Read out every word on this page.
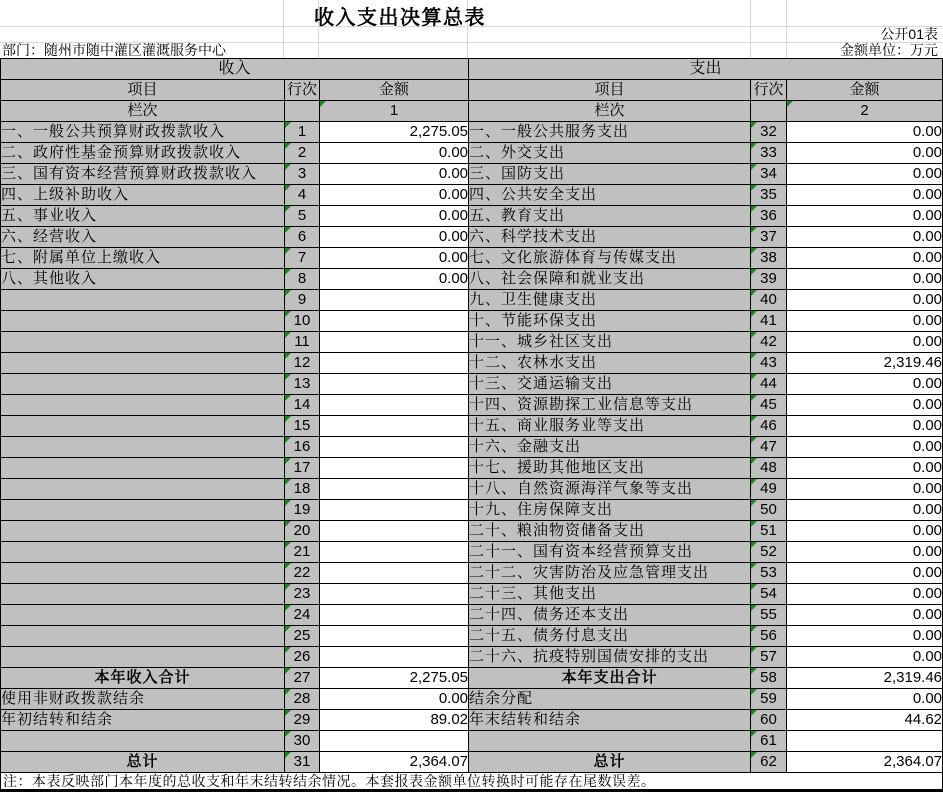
收入支出决算总表
公开01表
部门：随州市随中灌区灌溉服务中心	金额单位：万元
收入			支出		
项目	行次	金额	项目	行次	金额
栏次		1	栏次		2
一、一般公共预算财政拨款收入	1	2,275.05	一、一般公共服务支出	32	0.00
二、政府性基金预算财政拨款收入	2	0.00	二、外交支出	33	0.00
三、国有资本经营预算财政拨款收入	3	0.00	三、国防支出	34	0.00
四、上级补助收入	4	0.00	四、公共安全支出	35	0.00
五、事业收入	5	0.00	五、教育支出	36	0.00
六、经营收入	6	0.00	六、科学技术支出	37	0.00
七、附属单位上缴收入	7	0.00	七、文化旅游体育与传媒支出	38	0.00
八、其他收入	8	0.00	八、社会保障和就业支出	39	0.00
	9		九、卫生健康支出	40	0.00
	10		十、节能环保支出	41	0.00
	11		十一、城乡社区支出	42	0.00
	12		十二、农林水支出	43	2,319.46
	13		十三、交通运输支出	44	0.00
	14		十四、资源勘探工业信息等支出	45	0.00
	15		十五、商业服务业等支出	46	0.00
	16		十六、金融支出	47	0.00
	17		十七、援助其他地区支出	48	0.00
	18		十八、自然资源海洋气象等支出	49	0.00
	19		十九、住房保障支出	50	0.00
	20		二十、粮油物资储备支出	51	0.00
	21		二十一、国有资本经营预算支出	52	0.00
	22		二十二、灾害防治及应急管理支出	53	0.00
	23		二十三、其他支出	54	0.00
	24		二十四、债务还本支出	55	0.00
	25		二十五、债务付息支出	56	0.00
	26		二十六、抗疫特别国债安排的支出	57	0.00
本年收入合计	27	2,275.05	本年支出合计	58	2,319.46
使用非财政拨款结余	28	0.00	结余分配	59	0.00
年初结转和结余	29	89.02	年末结转和结余	60	44.62
	30			61	
总计	31	2,364.07	总计	62	2,364.07
注：本表反映部门本年度的总收支和年末结转结余情况。本套报表金额单位转换时可能存在尾数误差。					
